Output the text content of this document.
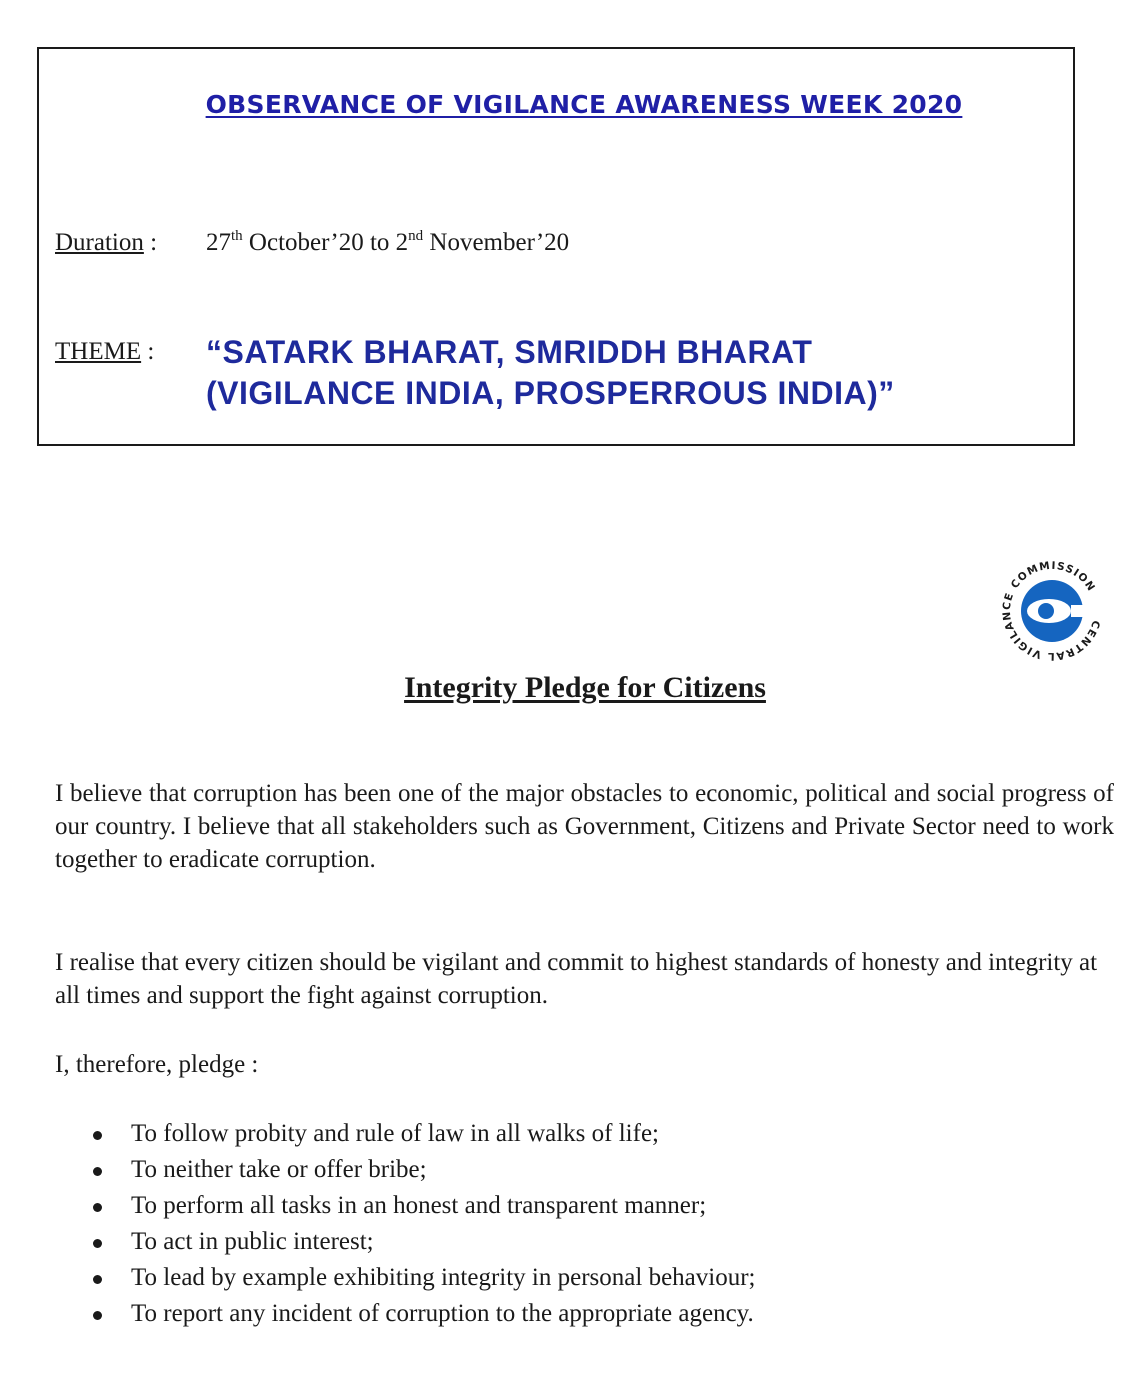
OBSERVANCE OF VIGILANCE AWARENESS WEEK 2020
Duration : 27th October’20 to 2nd November’20
THEME : “SATARK BHARAT, SMRIDDH BHARAT
(VIGILANCE INDIA, PROSPERROUS INDIA)”
CENTRAL VIGILANCE COMMISSION
Integrity Pledge for Citizens

I believe that corruption has been one of the major obstacles to economic, political and social progress of our country. I believe that all stakeholders such as Government, Citizens and Private Sector need to work together to eradicate corruption.

I realise that every citizen should be vigilant and commit to highest standards of honesty and integrity at all times and support the fight against corruption.

I, therefore, pledge :

To follow probity and rule of law in all walks of life;
To neither take or offer bribe;
To perform all tasks in an honest and transparent manner;
To act in public interest;
To lead by example exhibiting integrity in personal behaviour;
To report any incident of corruption to the appropriate agency.
